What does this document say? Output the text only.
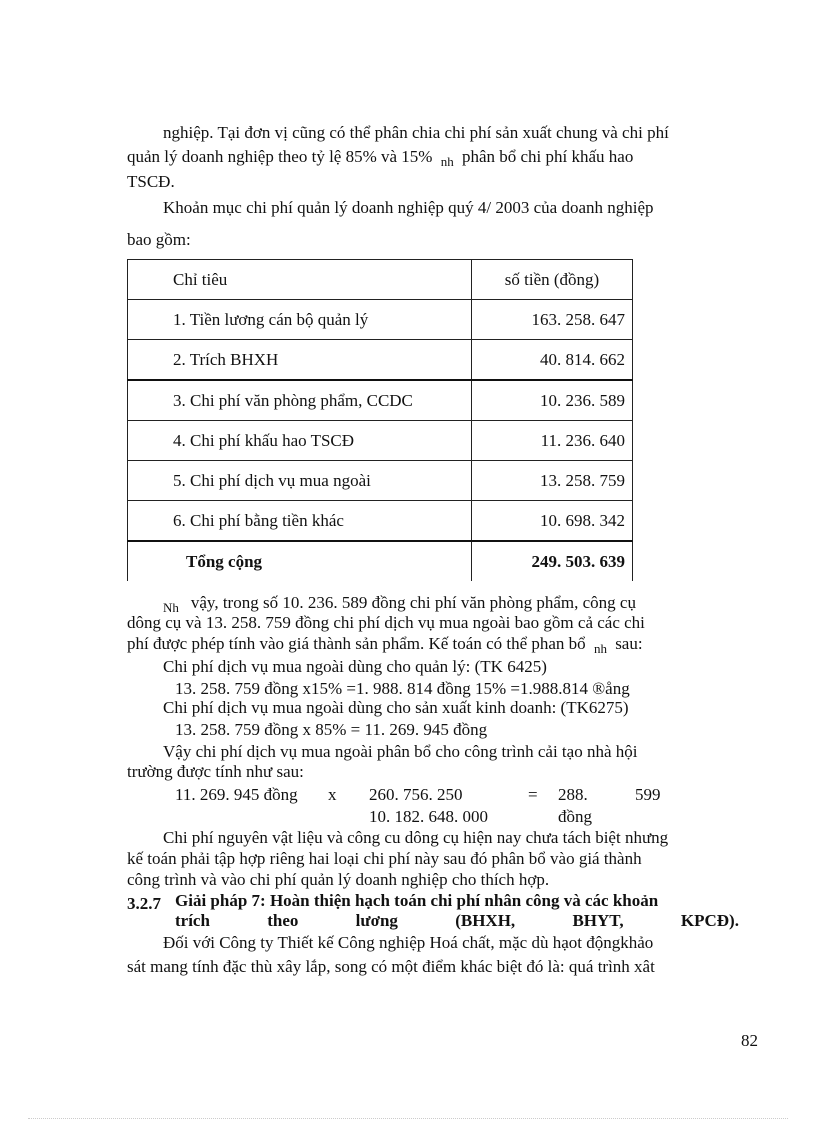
nghiệp. Tại đơn vị cũng có thể phân chia chi phí sản xuất chung và chi phí
quản lý doanh nghiệp theo tỷ lệ 85% và 15% $_{nh}$ phân bổ chi phí khấu hao
TSCĐ.
Khoản mục chi phí quản lý doanh nghiệp quý 4/ 2003 của doanh nghiệp
bao gồm:
Chỉ tiêu	số tiền (đồng)
1. Tiền lương cán bộ quản lý	163. 258. 647
2. Trích BHXH	40. 814. 662
3. Chi phí văn phòng phẩm, CCDC	10. 236. 589
4. Chi phí khấu hao TSCĐ	11. 236. 640
5. Chi phí dịch vụ mua ngoài	13. 258. 759
6. Chi phí bằng tiền khác	10. 698. 342
Tổng cộng	249. 503. 639
$_{Nh}$ vậy, trong số 10. 236. 589 đồng chi phí văn phòng phẩm, công cụ
dông cụ và 13. 258. 759 đồng chi phí dịch vụ mua ngoài bao gồm cả các chi
phí được phép tính vào giá thành sản phẩm. Kế toán có thể phan bổ $_{nh}$ sau:
Chi phí dịch vụ mua ngoài dùng cho quản lý: (TK 6425)
13. 258. 759 đồng x15% =1. 988. 814 đồng 15% =1.988.814 ®ång
Chi phí dịch vụ mua ngoài dùng cho sản xuất kinh doanh: (TK6275)
13. 258. 759 đồng x 85% = 11. 269. 945 đồng
Vậy chi phí dịch vụ mua ngoài phân bổ cho công trình cải tạo nhà hội
trường được tính như sau:
11. 269. 945 đồng x 260. 756. 250	= 288.	599
10. 182. 648. 000	đồng
Chi phí nguyên vật liệu và công cu dông cụ hiện nay chưa tách biệt nhưng
kế toán phải tập hợp riêng hai loại chi phí này sau đó phân bổ vào giá thành
công trình và vào chi phí quản lý doanh nghiệp cho thích hợp.
3.2.7 Giải pháp 7: Hoàn thiện hạch toán chi phí nhân công và các khoản
trích	theo	lương	(BHXH,	BHYT,	KPCĐ).
Đối với Công ty Thiết kế Công nghiệp Hoá chất, mặc dù hạot độngkhảo
sát mang tính đặc thù xây lắp, song có một điểm khác biệt đó là: quá trình xât
82
